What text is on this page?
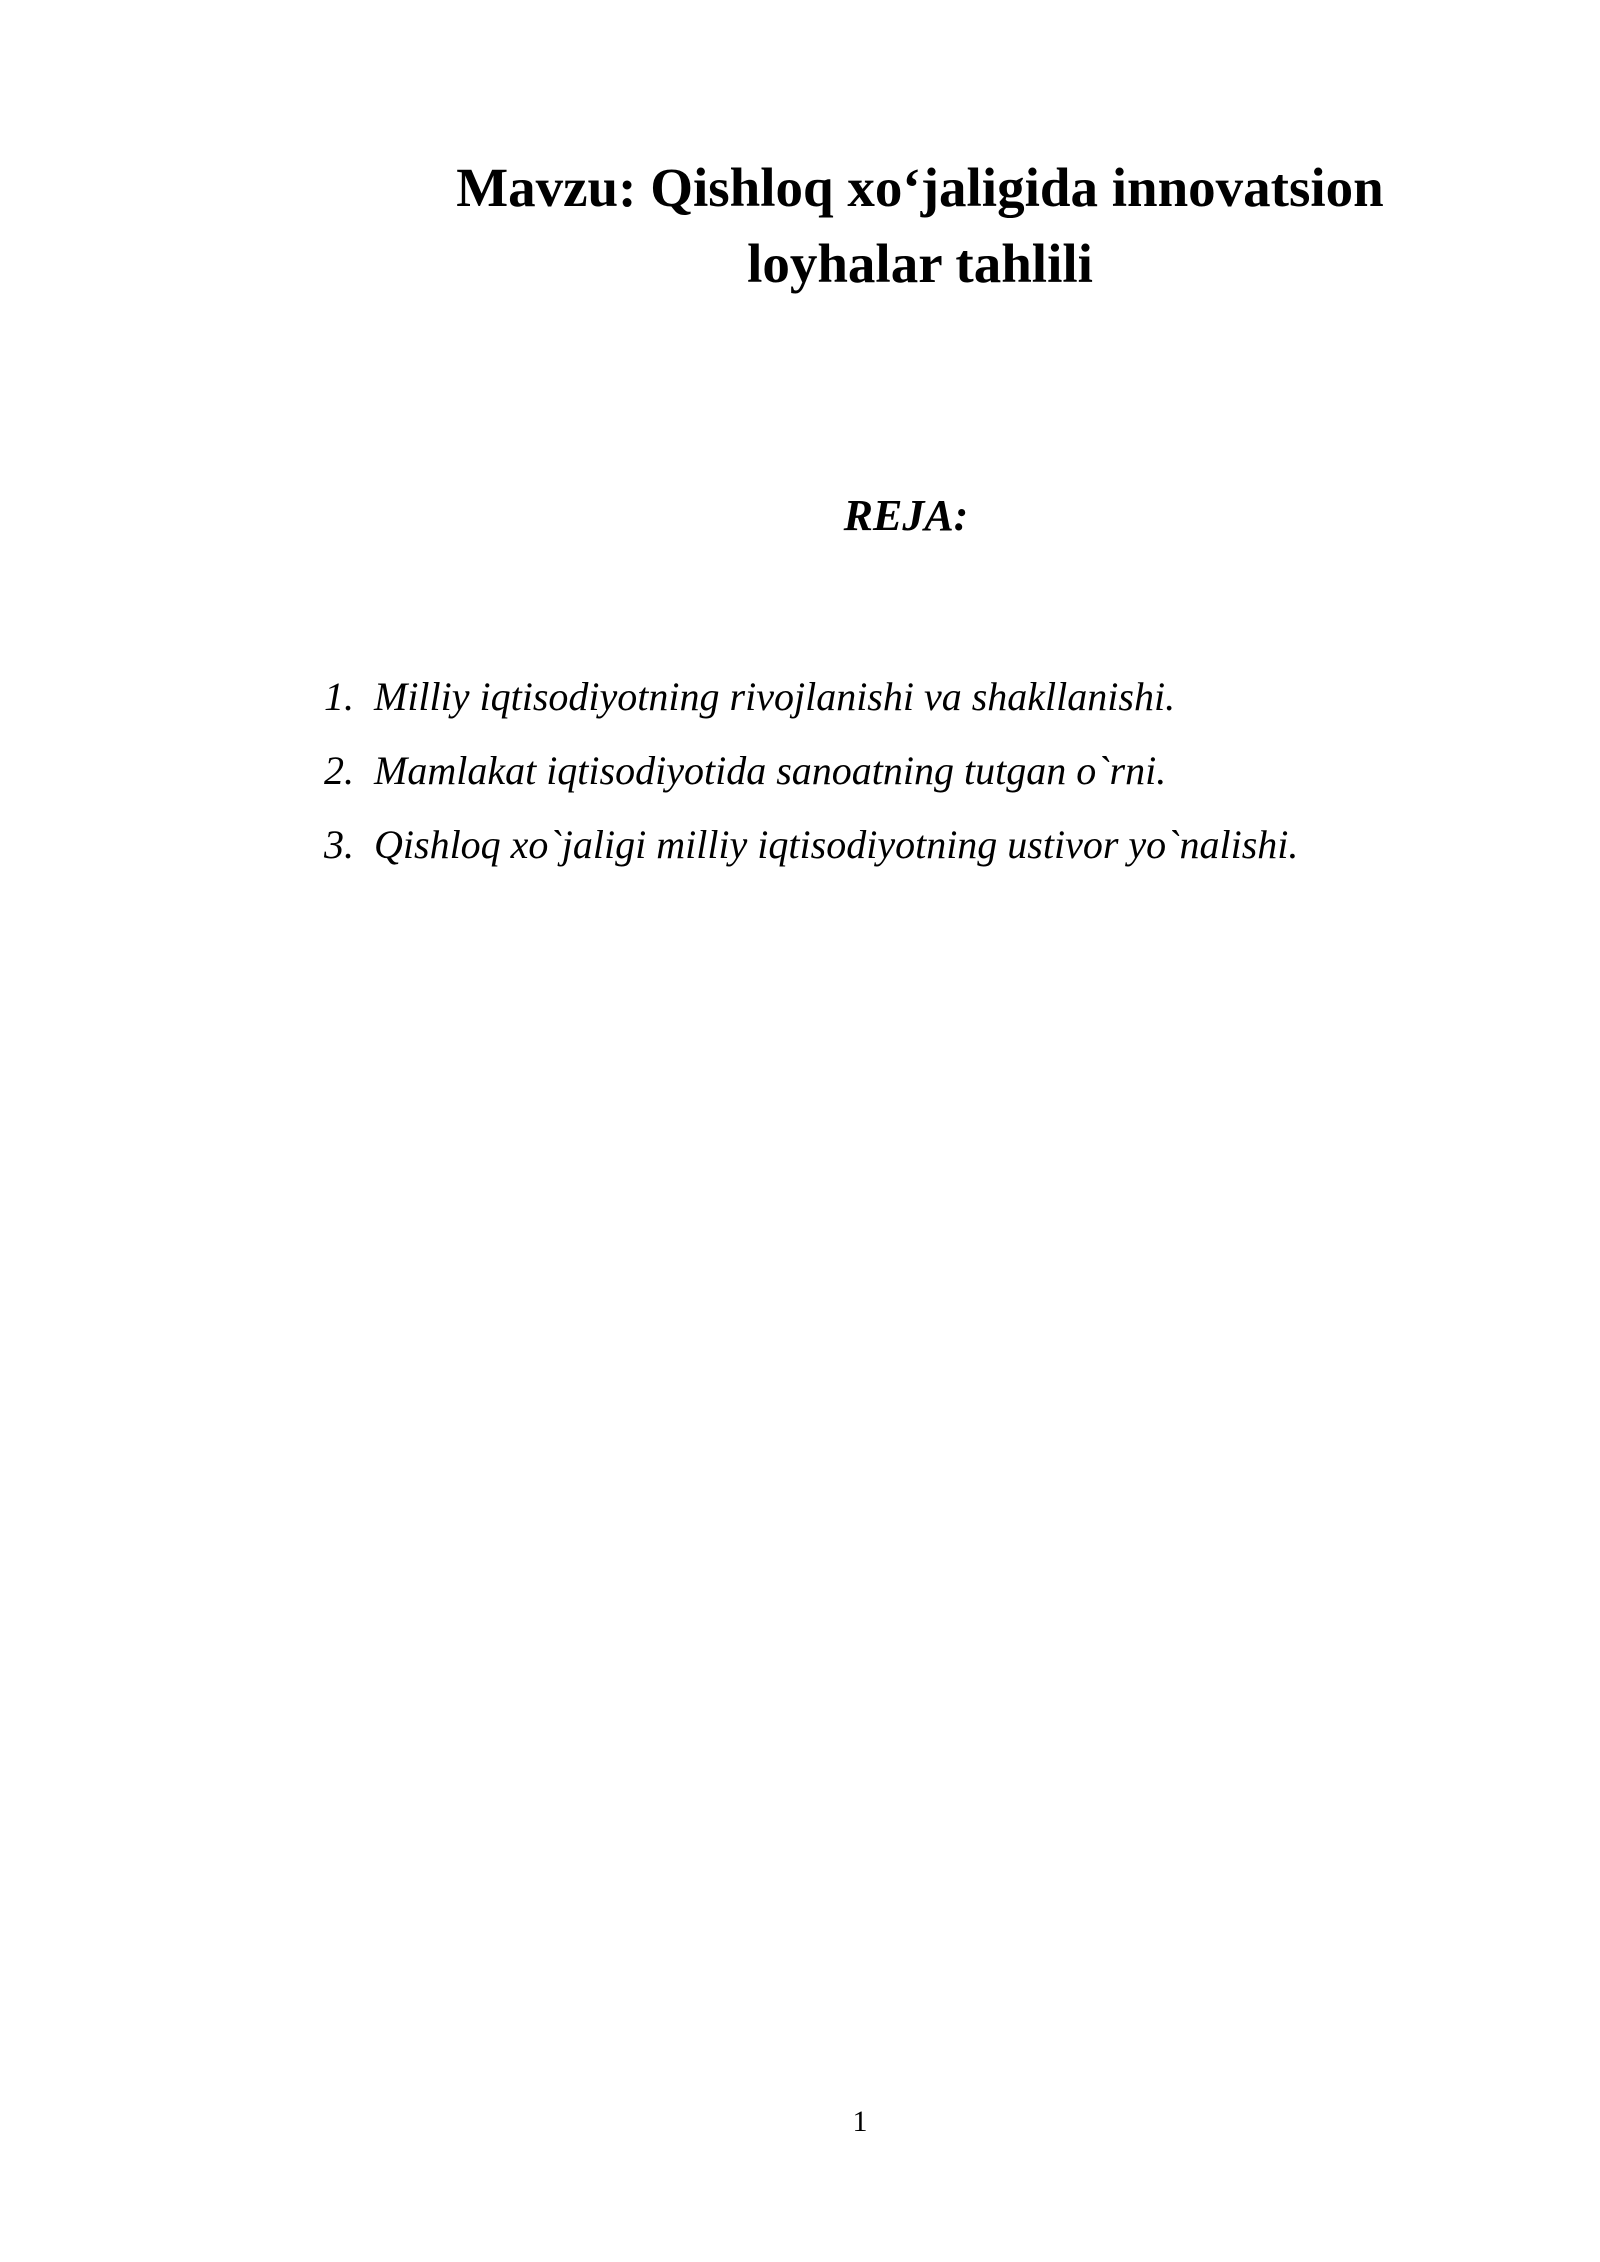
Mavzu: Qishloq xo‘jaligida innovatsion
loyhalar tahlili
REJA:
1. Milliy iqtisodiyotning rivojlanishi va shakllanishi.
2. Mamlakat iqtisodiyotida sanoatning tutgan o`rni.
3. Qishloq xo`jaligi milliy iqtisodiyotning ustivor yo`nalishi.
1
